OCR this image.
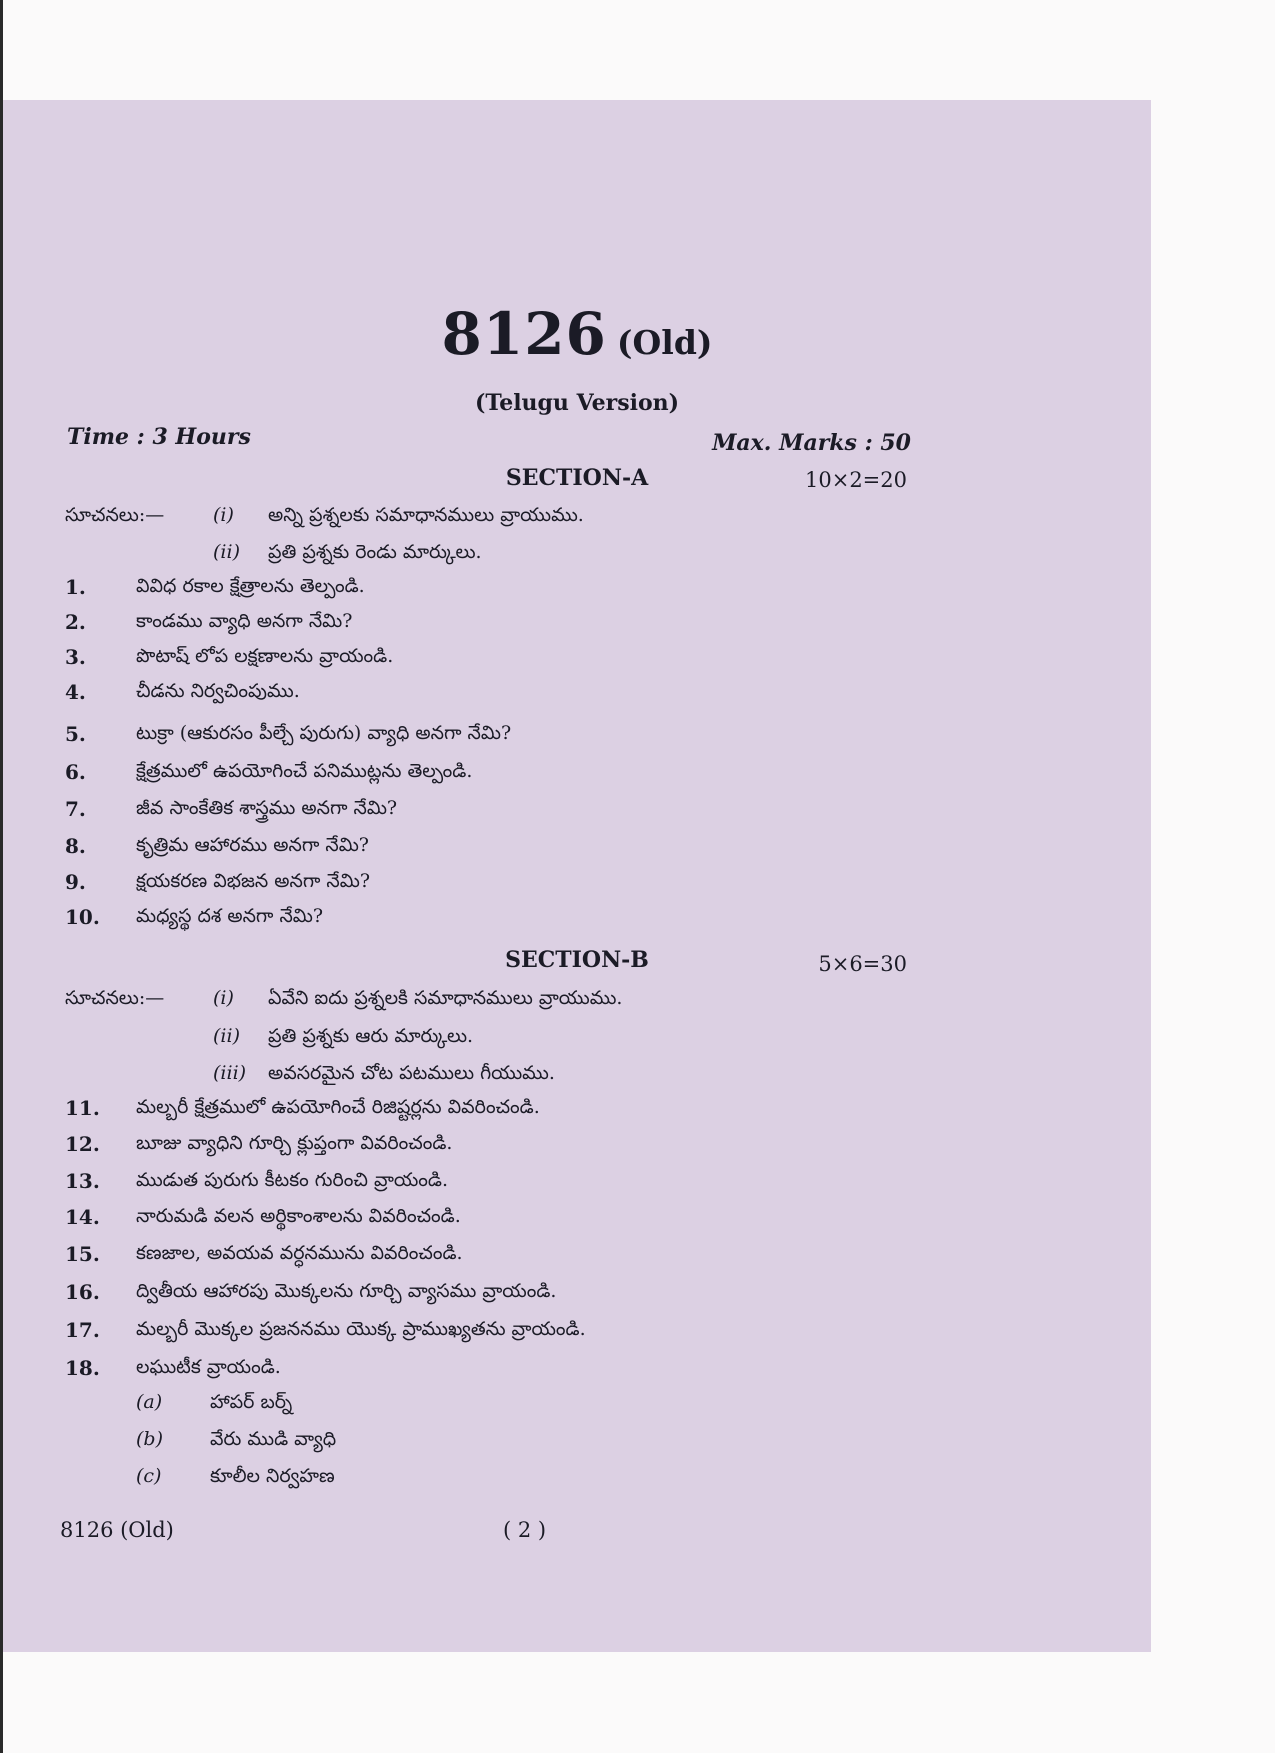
8126 (Old)
(Telugu Version)
Time : 3 Hours	Max. Marks : 50
SECTION-A	10×2=20
సూచనలు:—	(i) అన్ని ప్రశ్నలకు సమాధానములు వ్రాయుము.
(ii) ప్రతి ప్రశ్నకు రెండు మార్కులు.
1.	వివిధ రకాల క్షేత్రాలను తెల్పండి.
2.	కాండము వ్యాధి అనగా నేమి?
3.	పొటాష్ లోప లక్షణాలను వ్రాయండి.
4.	చీడను నిర్వచింపుము.
5.	టుక్రా (ఆకురసం పీల్చే పురుగు) వ్యాధి అనగా నేమి?
6.	క్షేత్రములో ఉపయోగించే పనిముట్లను తెల్పండి.
7.	జీవ సాంకేతిక శాస్త్రము అనగా నేమి?
8.	కృత్రిమ ఆహారము అనగా నేమి?
9.	క్షయకరణ విభజన అనగా నేమి?
10. మధ్యస్థ దశ అనగా నేమి?
SECTION-B	5×6=30
సూచనలు:—	(i) ఏవేని ఐదు ప్రశ్నలకి సమాధానములు వ్రాయుము.
(ii) ప్రతి ప్రశ్నకు ఆరు మార్కులు.
(iii) అవసరమైన చోట పటములు గీయుము.
11. మల్బరీ క్షేత్రములో ఉపయోగించే రిజిష్టర్లను వివరించండి.
12. బూజు వ్యాధిని గూర్చి క్లుప్తంగా వివరించండి.
13. ముడుత పురుగు కీటకం గురించి వ్రాయండి.
14. నారుమడి వలన అర్థికాంశాలను వివరించండి.
15. కణజాల, అవయవ వర్ధనమును వివరించండి.
16. ద్వితీయ ఆహారపు మొక్కలను గూర్చి వ్యాసము వ్రాయండి.
17. మల్బరీ మొక్కల ప్రజననము యొక్క ప్రాముఖ్యతను వ్రాయండి.
18. లఘుటీక వ్రాయండి.
(a)	హాపర్ బర్న్
(b) వేరు ముడి వ్యాధి
(c)	కూలీల నిర్వహణ
8126 (Old)	( 2 )
